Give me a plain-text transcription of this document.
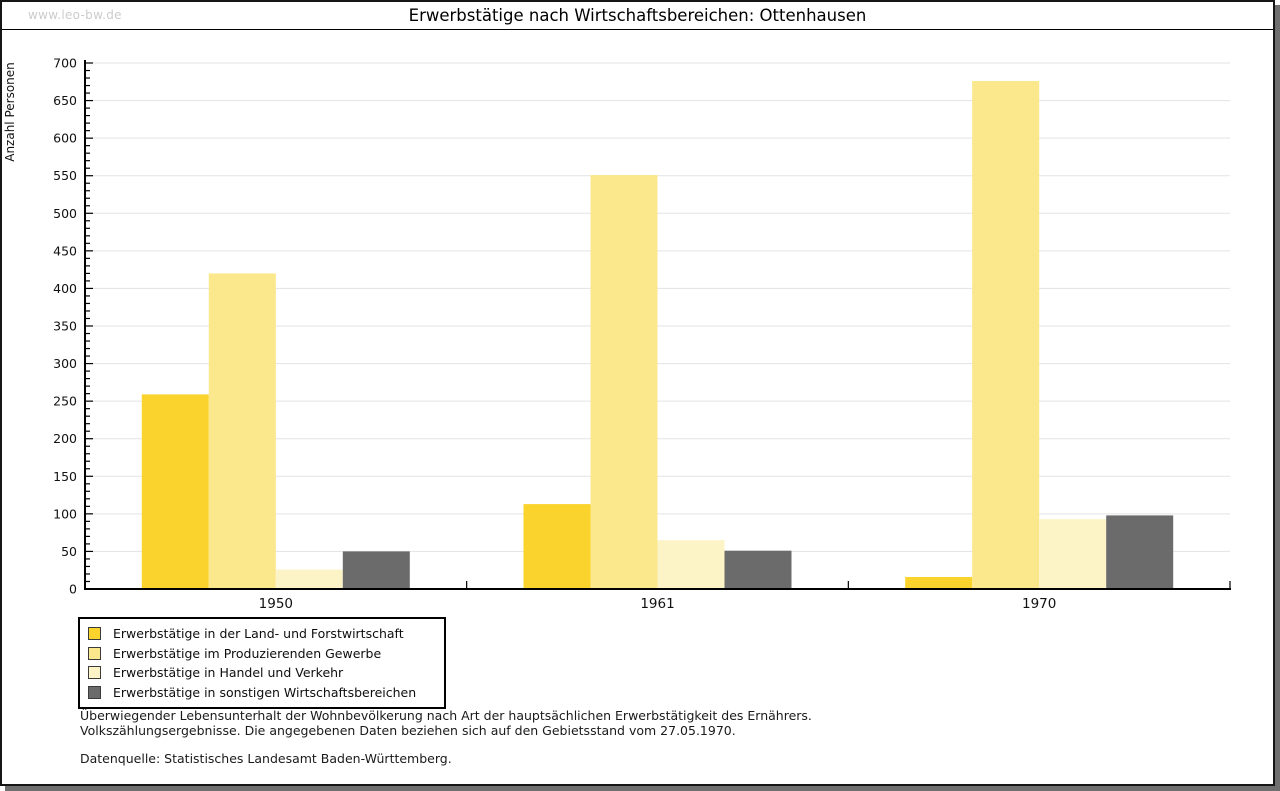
www.leo-bw.de	Erwerbstätige nach Wirtschaftsbereichen: Ottenhausen
1950	1961	1970
0
50
100
150
200
250
300
350
400
450
500
550
600
650
700
Anzahl Personen
Erwerbstätige in der Land- und Forstwirtschaft
Erwerbstätige im Produzierenden Gewerbe
Erwerbstätige in Handel und Verkehr
Erwerbstätige in sonstigen Wirtschaftsbereichen
Überwiegender Lebensunterhalt der Wohnbevölkerung nach Art der hauptsächlichen Erwerbstätigkeit des Ernährers.
Volkszählungsergebnisse. Die angegebenen Daten beziehen sich auf den Gebietsstand vom 27.05.1970.
Datenquelle: Statistisches Landesamt Baden-Württemberg.
